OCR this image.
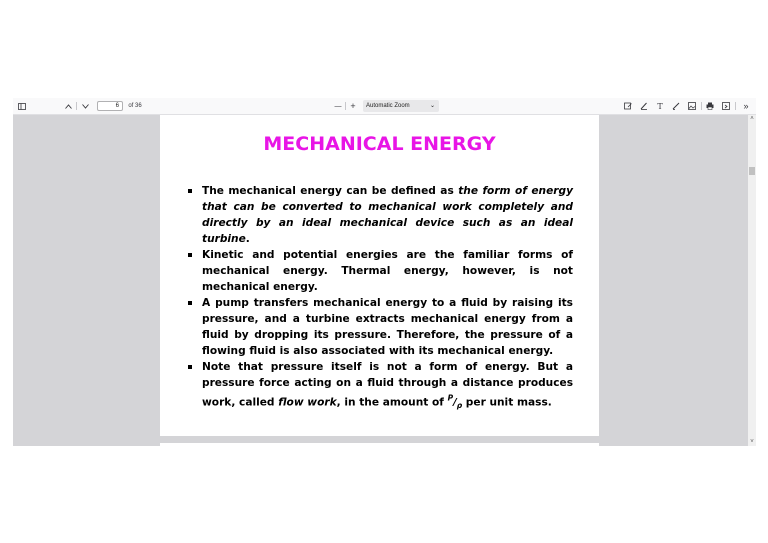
6	of 36	— +	Automatic Zoom	⌄	T	»
MECHANICAL ENERGY
The mechanical energy can be defined as the form of energy that can be converted to mechanical work completely and directly by an ideal mechanical device such as an ideal turbine.
Kinetic and potential energies are the familiar forms of mechanical energy. Thermal energy, however, is not mechanical energy.
A pump transfers mechanical energy to a fluid by raising its pressure, and a turbine extracts mechanical energy from a fluid by dropping its pressure. Therefore, the pressure of a flowing fluid is also associated with its mechanical energy.
Note that pressure itself is not a form of energy. But a pressure force acting on a fluid through a distance produces work, called flow work, in the amount of $^P/_\rho$ per unit mass.
˄
˅
